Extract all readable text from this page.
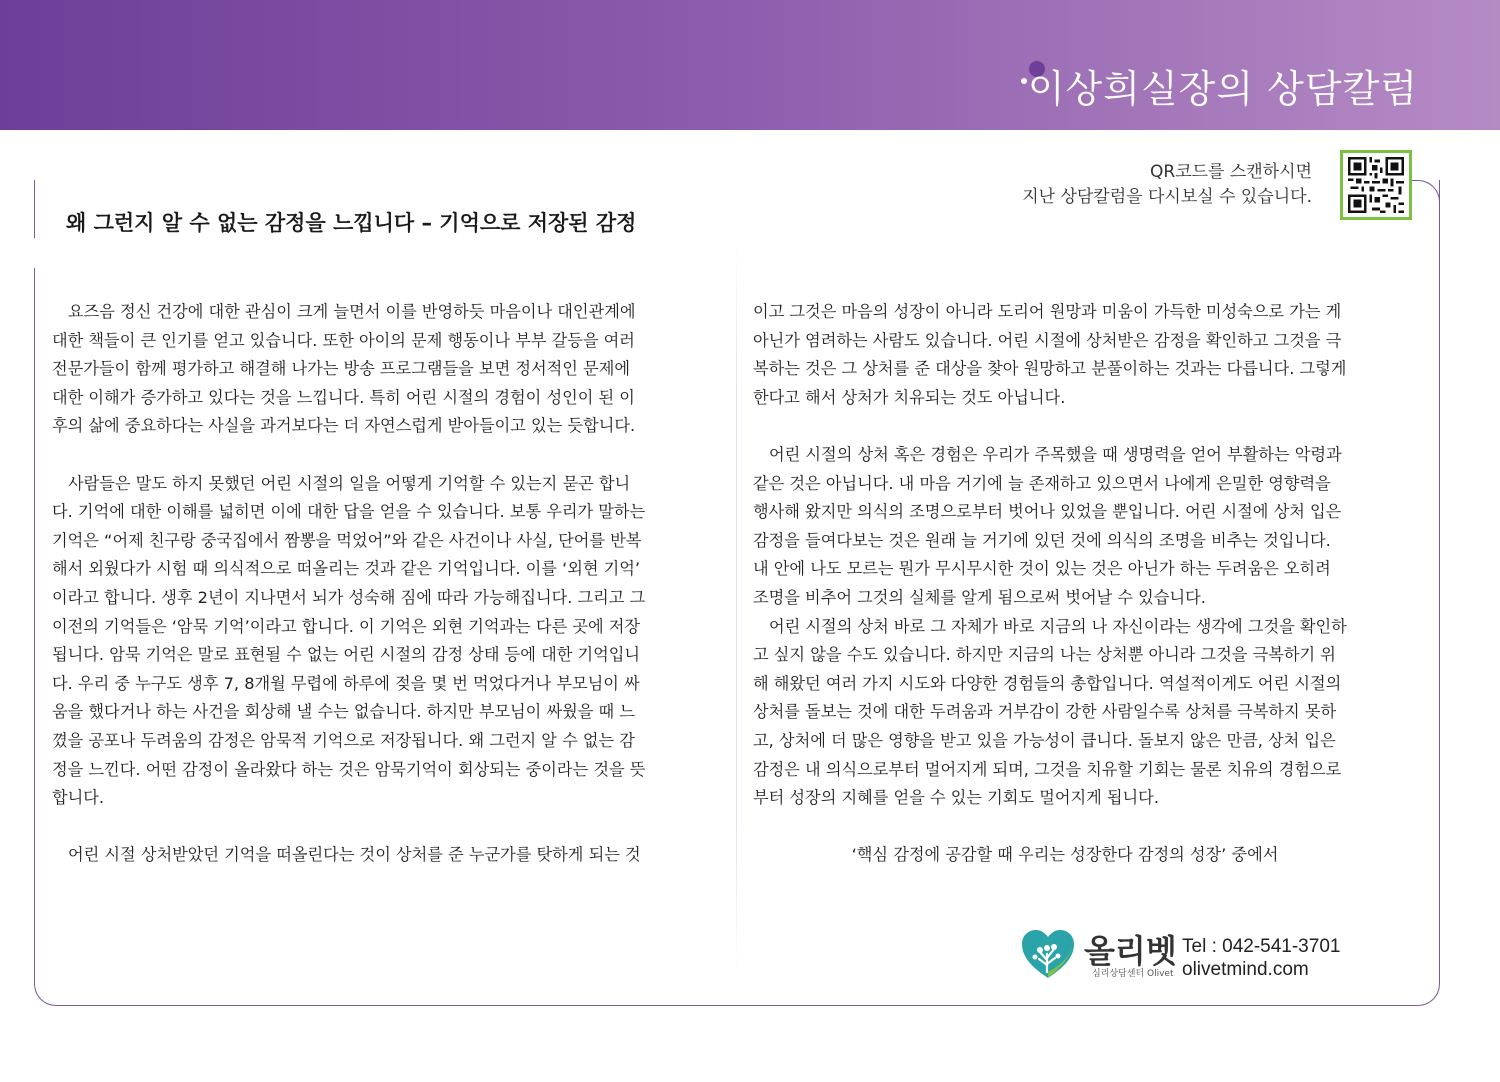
이상희실장의 상담칼럼
QR코드를 스캔하시면
지난 상담칼럼을 다시보실 수 있습니다.
왜 그런지 알 수 없는 감정을 느낍니다 – 기억으로 저장된 감정

요즈음 정신 건강에 대한 관심이 크게 늘면서 이를 반영하듯 마음이나 대인관계에

대한 책들이 큰 인기를 얻고 있습니다. 또한 아이의 문제 행동이나 부부 갈등을 여러

전문가들이 함께 평가하고 해결해 나가는 방송 프로그램들을 보면 정서적인 문제에

대한 이해가 증가하고 있다는 것을 느낍니다. 특히 어린 시절의 경험이 성인이 된 이

후의 삶에 중요하다는 사실을 과거보다는 더 자연스럽게 받아들이고 있는 듯합니다.

사람들은 말도 하지 못했던 어린 시절의 일을 어떻게 기억할 수 있는지 묻곤 합니

다. 기억에 대한 이해를 넓히면 이에 대한 답을 얻을 수 있습니다. 보통 우리가 말하는

기억은 “어제 친구랑 중국집에서 짬뽕을 먹었어”와 같은 사건이나 사실, 단어를 반복

해서 외웠다가 시험 때 의식적으로 떠올리는 것과 같은 기억입니다. 이를 ‘외현 기억’

이라고 합니다. 생후 2년이 지나면서 뇌가 성숙해 짐에 따라 가능해집니다. 그리고 그

이전의 기억들은 ‘암묵 기억’이라고 합니다. 이 기억은 외현 기억과는 다른 곳에 저장

됩니다. 암묵 기억은 말로 표현될 수 없는 어린 시절의 감정 상태 등에 대한 기억입니

다. 우리 중 누구도 생후 7, 8개월 무렵에 하루에 젖을 몇 번 먹었다거나 부모님이 싸

움을 했다거나 하는 사건을 회상해 낼 수는 없습니다. 하지만 부모님이 싸웠을 때 느

꼈을 공포나 두려움의 감정은 암묵적 기억으로 저장됩니다. 왜 그런지 알 수 없는 감

정을 느낀다. 어떤 감정이 올라왔다 하는 것은 암묵기억이 회상되는 중이라는 것을 뜻

합니다.

어린 시절 상처받았던 기억을 떠올린다는 것이 상처를 준 누군가를 탓하게 되는 것

이고 그것은 마음의 성장이 아니라 도리어 원망과 미움이 가득한 미성숙으로 가는 게

아닌가 염려하는 사람도 있습니다. 어린 시절에 상처받은 감정을 확인하고 그것을 극

복하는 것은 그 상처를 준 대상을 찾아 원망하고 분풀이하는 것과는 다릅니다. 그렇게

한다고 해서 상처가 치유되는 것도 아닙니다.

어린 시절의 상처 혹은 경험은 우리가 주목했을 때 생명력을 얻어 부활하는 악령과

같은 것은 아닙니다. 내 마음 거기에 늘 존재하고 있으면서 나에게 은밀한 영향력을

행사해 왔지만 의식의 조명으로부터 벗어나 있었을 뿐입니다. 어린 시절에 상처 입은

감정을 들여다보는 것은 원래 늘 거기에 있던 것에 의식의 조명을 비추는 것입니다.

내 안에 나도 모르는 뭔가 무시무시한 것이 있는 것은 아닌가 하는 두려움은 오히려

조명을 비추어 그것의 실체를 알게 됨으로써 벗어날 수 있습니다.

어린 시절의 상처 바로 그 자체가 바로 지금의 나 자신이라는 생각에 그것을 확인하

고 싶지 않을 수도 있습니다. 하지만 지금의 나는 상처뿐 아니라 그것을 극복하기 위

해 해왔던 여러 가지 시도와 다양한 경험들의 총합입니다. 역설적이게도 어린 시절의

상처를 돌보는 것에 대한 두려움과 거부감이 강한 사람일수록 상처를 극복하지 못하

고, 상처에 더 많은 영향을 받고 있을 가능성이 큽니다. 돌보지 않은 만큼, 상처 입은

감정은 내 의식으로부터 멀어지게 되며, 그것을 치유할 기회는 물론 치유의 경험으로

부터 성장의 지혜를 얻을 수 있는 기회도 멀어지게 됩니다.

‘핵심 감정에 공감할 때 우리는 성장한다 감정의 성장’ 중에서

올리벳
심리상담센터 Olivet
Tel : 042-541-3701
olivetmind.com
